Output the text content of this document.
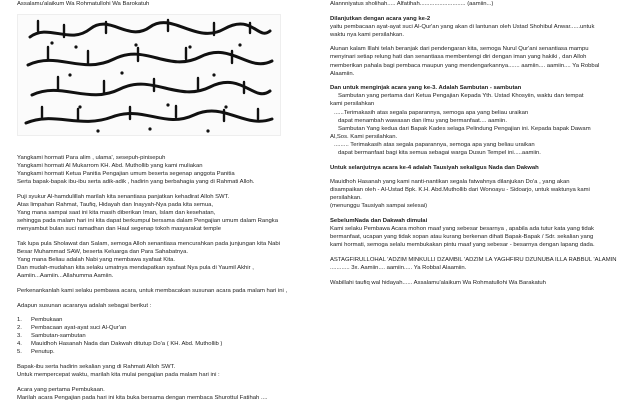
Assalamu'alaikum Wa Rohmatullohi Wa Barokatuh
Yangkami hormati Para alim , ulama', sesepuh-pinisepuh
Yangkami hormati Al Mukarrom KH. Abd. Muthollib yang kami muliakan
Yangkami hormati Ketua Panitia Pengajian umum beserta segenap anggota Panitia
Serta bapak-bapak ibu-ibu serta adik-adik , hadirin yang berbahagia yang di Rahmati Alloh.
Puji syukur Al-hamdulillah marilah kita senantiasa panjatkan kehadirat Alloh SWT.
Atas limpahan Rahmat, Taufiq, Hidayah dan Inayyah-Nya pada kita semua,
Yang mana sampai saat ini kita masih diberikan Iman, Islam dan kesehatan,
sehingga pada malam hari ini kita dapat berkumpul bersama dalam Pengajian umum dalam Rangka
menyambut bulan suci ramadhan dan Haul segenap tokoh masyarakat temple
Tak lupa pula Sholawat dan Salam, semoga Alloh senantiasa mencurahkan pada junjungan kita Nabi
Besar Muhammad SAW, beserta Keluarga dan Para Sahabatnya.
Yang mana Beliau adalah Nabi yang membawa syafaat Kita.
Dan mudah-mudahan kita selaku umatnya mendapatkan syafaat Nya pula di Yaumil Akhir ,
Aamiin...Aamiin...Allahumma Aamiin.
Perkenankanlah kami selaku pembawa acara, untuk membacakan susunan acara pada malam hari ini ,
Adapun susunan acaranya adalah sebagai berikut :
1.	Pembukaan
2.	Pembacaan ayat-ayat suci Al-Qur'an
3.	Sambutan-sambutan
4.	Mauidhoh Hasanah Nada dan Dakwah ditutup Do'a ( KH. Abd. Muthollib )
5.	Penutup.
Bapak-ibu serta hadirin sekalian yang di Rahmati Alloh SWT.
Untuk mempercepat waktu, marilah kita mulai pengajian pada malam hari ini :
Acara yang pertama Pembukaan.
Marilah acara Pengajian pada hari ini kita buka bersama dengan membaca Shurottul Fatihah ....
Alannniyatus sholihah..... Alfatihah............................ (aamiin...)
Dilanjutkan dengan acara yang ke-2
yaitu pembacaan ayat-ayat suci Al-Qur'an yang akan di lantunan oleh Ustad Shohibul Anwar......untuk
waktu nya kami persilahkan.
Alunan kalam Illahi telah beranjak dari pendengaran kita, semoga Nurul Qur'ani senantiasa mampu
menyinari setiap relung hati dan senantiasa membentengi diri dengan iman yang hakiki , dan Alloh
memberikan pahala bagi pembaca maupun yang mendengarkannya....... aamiin.... aamiin.... Ya Robbal
Alaamiin.
Dan untuk menginjak acara yang ke-3. Adalah Sambutan - sambutan
Sambutan yang pertama dari Ketua Pengajian Kepada Yth. Ustad Khosyiin, waktu dan tempat
kami persilahkan
......Terimakasih atas segala paparannya, semoga apa yang beliau uraikan
dapat menambah wawasan dan ilmu yang bermanfaat.... aamiin.
Sambutan Yang kedua dari Bapak Kades selaga Pelindung Pengajian ini. Kepada bapak Dawam
Al,Sos. Kami persilahkan.
......... Terimakasih atas segala paparannya, semoga apa yang beliau uraikan
dapat bermanfaat bagi kita semua sebagai warga Dusun Tempel ini.....aamiin.
Untuk selanjutnya acara ke-4 adalah Tausiyah sekaligus Nada dan Dakwah
Mauidhoh Hasanah yang kami nanti-nantikan segala fatwahnya dilanjukan Do'a , yang akan
disampaikan oleh - Al-Ustad Bpk. K.H. Abd.Muthollib dari Wonoayu - Sidoarjo, untuk waktunya kami
persilahkan.
(menunggu Tausiyah sampai selesai)
SebelumNada dan Dakwah dimulai
Kami selaku Pembawa Acara mohon maaf yang sebesar besarnya , apabila ada tutur kata yang tidak
bermanfaat, ucapan yang tidak sopan atau kurang berkenan dihati Bapak-Bapak / Sdr. sekalian yang
kami hormati, semoga selalu membukakan pintu maaf yang sebesar - besarnya dengan lapang dada.
ASTAGFIRULLOHAL 'ADZIM MINKULLI DZAMBIL 'ADZIM LA YAGHFIRU DZUNUBA ILLA RABBUL 'ALAMIN
............ 3x. Aamiin.... aamiin..... Ya Robbal Alaamiin.
Wabillahi taufiq wal hidayah...... Assalamu'alaikum Wa Rohmatullohi Wa Barakatuh
